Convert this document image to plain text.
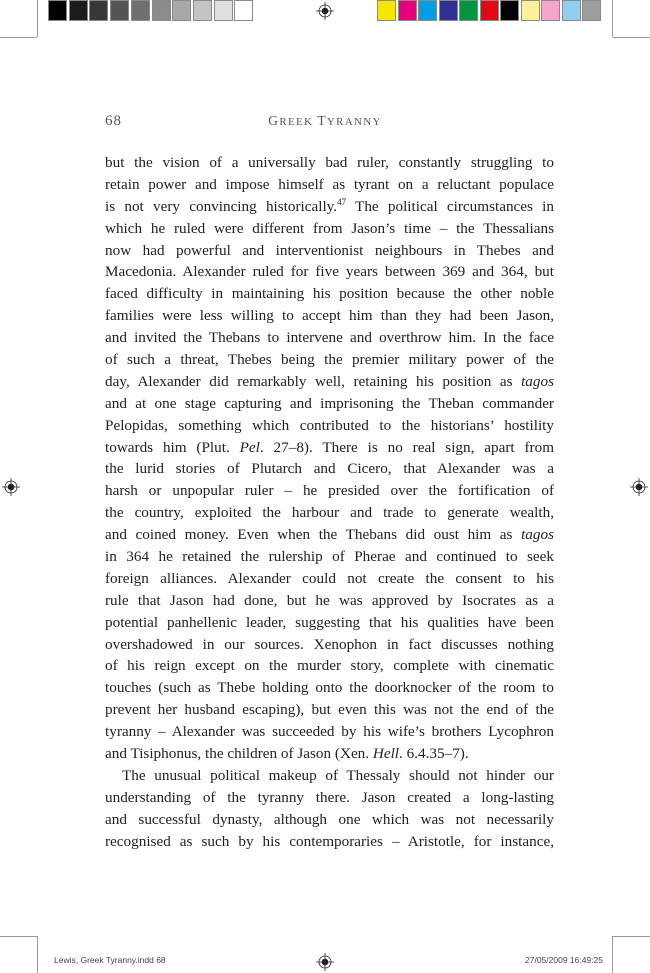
68	GREEK TYRANNY
but the vision of a universally bad ruler, constantly struggling to
retain power and impose himself as tyrant on a reluctant populace
is not very convincing historically.$^{47}$ The political circumstances in
which he ruled were different from Jason’s time – the Thessalians
now had powerful and interventionist neighbours in Thebes and
Macedonia. Alexander ruled for five years between 369 and 364, but
faced difficulty in maintaining his position because the other noble
families were less willing to accept him than they had been Jason,
and invited the Thebans to intervene and overthrow him. In the face
of such a threat, Thebes being the premier military power of the
day, Alexander did remarkably well, retaining his position as tagos
and at one stage capturing and imprisoning the Theban commander
Pelopidas, something which contributed to the historians’ hostility
towards him (Plut. Pel. 27–8). There is no real sign, apart from
the lurid stories of Plutarch and Cicero, that Alexander was a
harsh or unpopular ruler – he presided over the fortification of
the country, exploited the harbour and trade to generate wealth,
and coined money. Even when the Thebans did oust him as tagos
in 364 he retained the rulership of Pherae and continued to seek
foreign alliances. Alexander could not create the consent to his
rule that Jason had done, but he was approved by Isocrates as a
potential panhellenic leader, suggesting that his qualities have been
overshadowed in our sources. Xenophon in fact discusses nothing
of his reign except on the murder story, complete with cinematic
touches (such as Thebe holding onto the doorknocker of the room to
prevent her husband escaping), but even this was not the end of the
tyranny – Alexander was succeeded by his wife’s brothers Lycophron
and Tisiphonus, the children of Jason (Xen. Hell. 6.4.35–7).
The unusual political makeup of Thessaly should not hinder our
understanding of the tyranny there. Jason created a long-lasting
and successful dynasty, although one which was not necessarily
recognised as such by his contemporaries – Aristotle, for instance,
Lewis, Greek Tyranny.indd 68	27/05/2009 16:49:25
